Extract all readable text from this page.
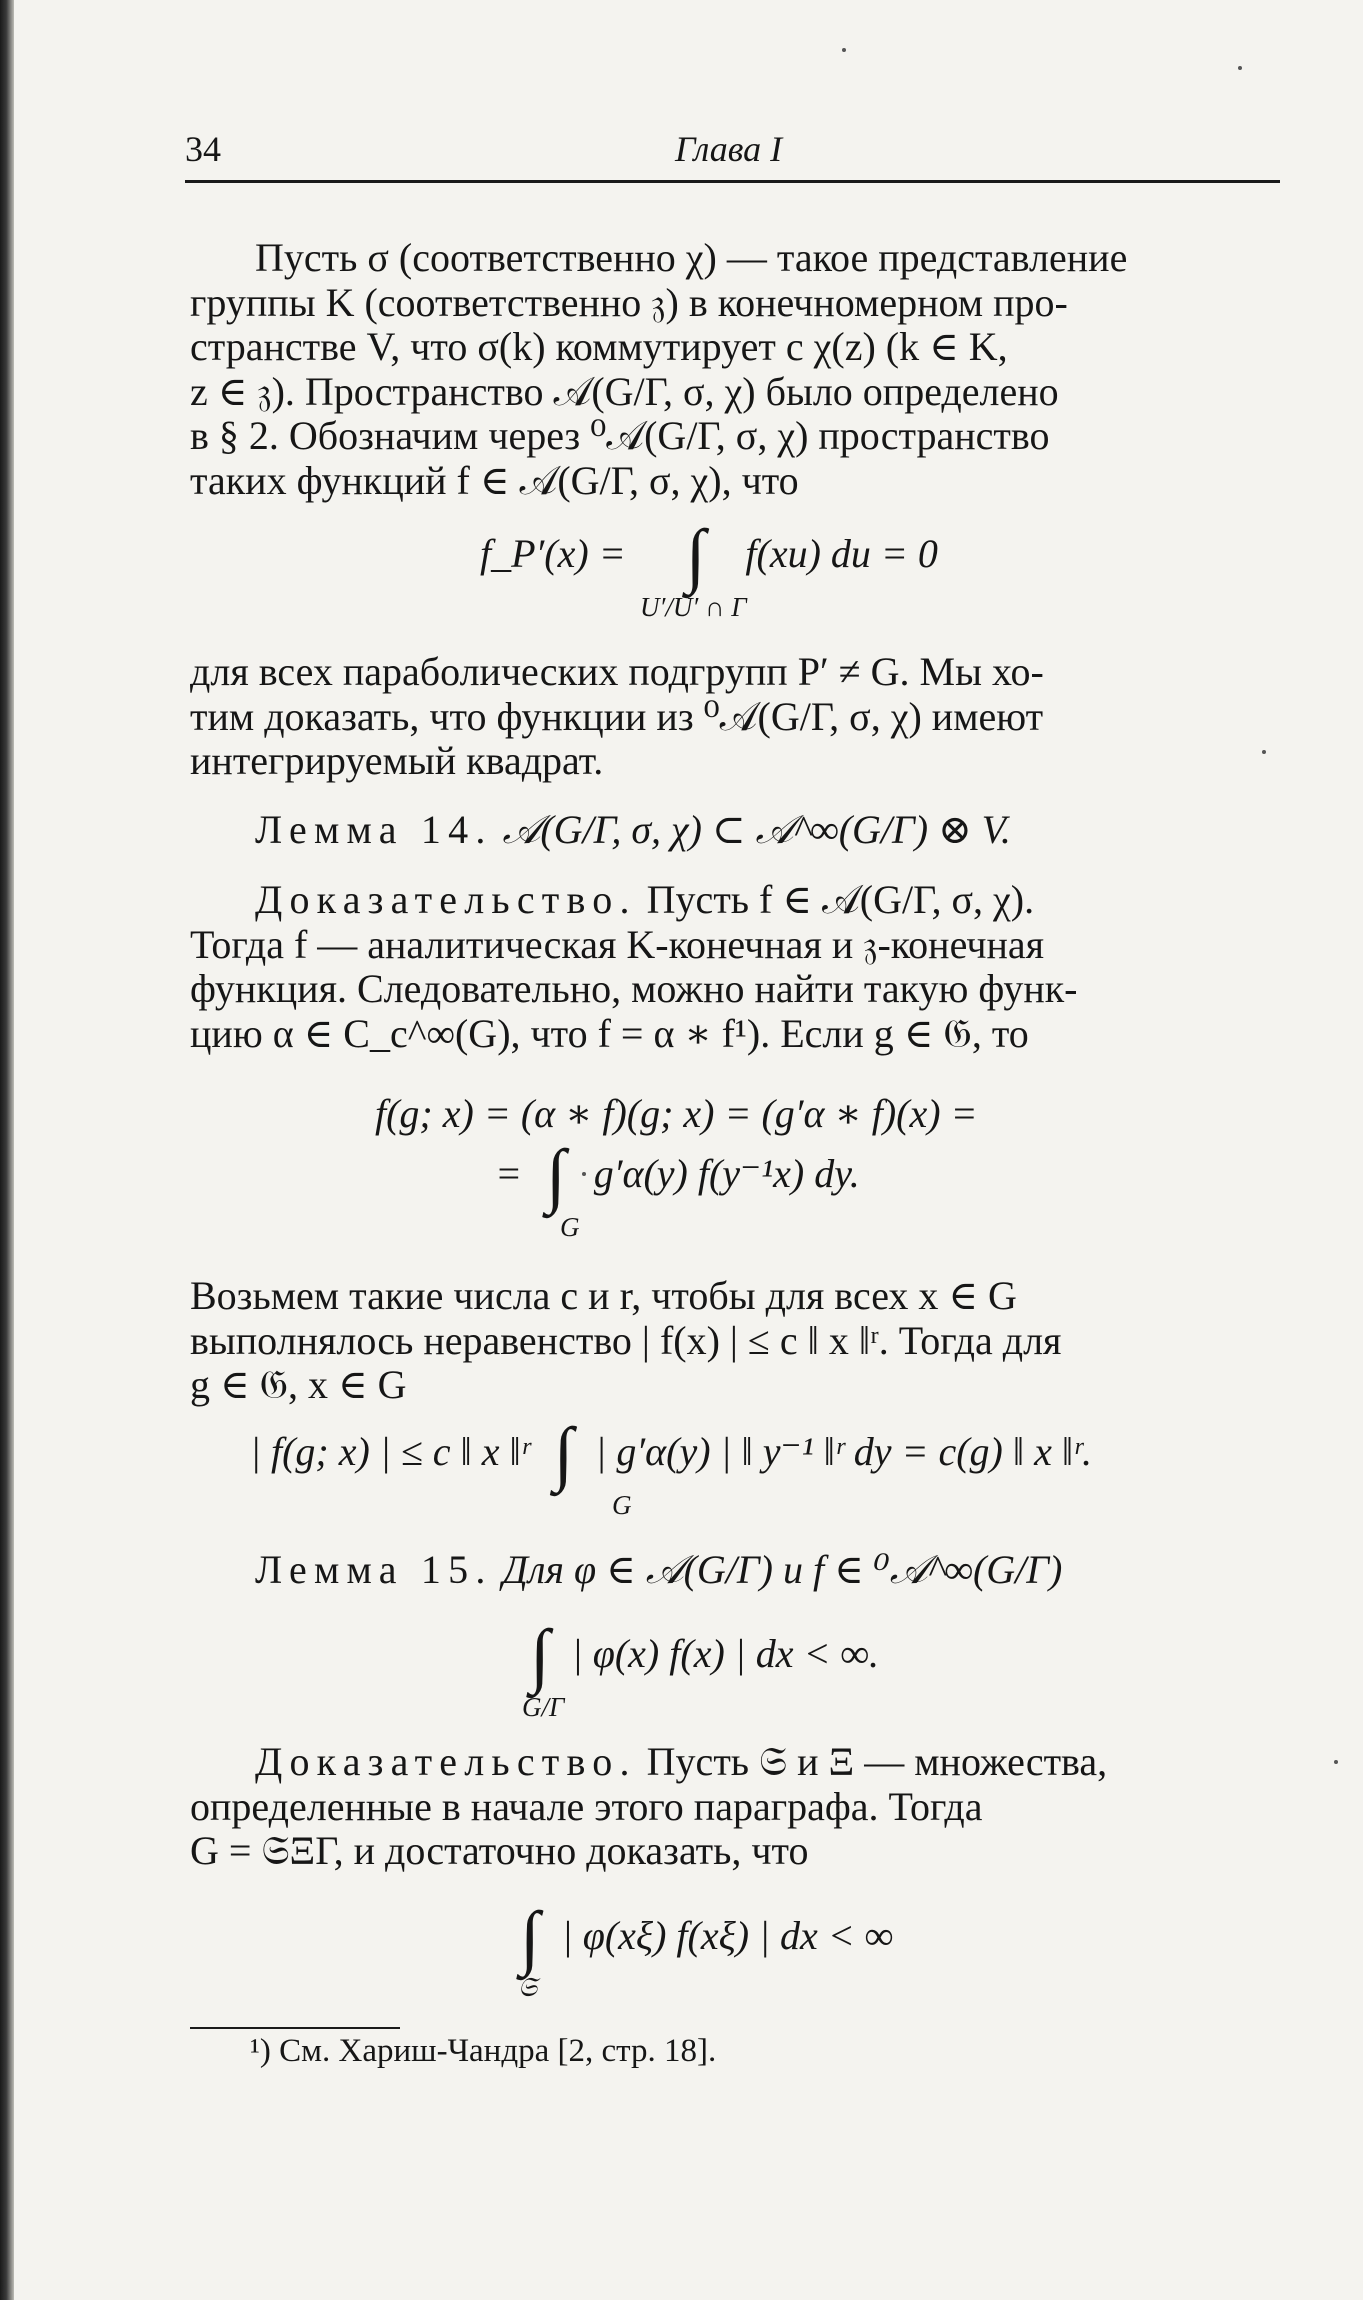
34	Глава I
Пусть σ (соответственно χ) — такое представление
группы K (соответственно 𝔷) в конечномерном про-
странстве V, что σ(k) коммутирует с χ(z) (k ∈ K,
z ∈ 𝔷). Пространство 𝒜(G/Γ, σ, χ) было определено
в § 2. Обозначим через ⁰𝒜(G/Γ, σ, χ) пространство
таких функций f ∈ 𝒜(G/Γ, σ, χ), что
f_P′(x) = ∫ f(xu) du = 0
U′/U′ ∩ Γ
для всех параболических подгрупп P′ ≠ G. Мы хо-
тим доказать, что функции из ⁰𝒜(G/Γ, σ, χ) имеют
интегрируемый квадрат.
Лемма 14. 𝒜(G/Γ, σ, χ) ⊂ 𝒜^∞(G/Γ) ⊗ V.
Доказательство. Пусть f ∈ 𝒜(G/Γ, σ, χ).
Тогда f — аналитическая K-конечная и 𝔷-конечная
функция. Следовательно, можно найти такую функ-
цию α ∈ C_c^∞(G), что f = α ∗ f¹). Если g ∈ 𝔊, то
f(g; x) = (α ∗ f)(g; x) = (g′α ∗ f)(x) =
= ∫ g′α(y) f(y⁻¹x) dy.
G
Возьмем такие числа c и r, чтобы для всех x ∈ G
выполнялось неравенство | f(x) | ≤ c ‖ x ‖ʳ. Тогда для
g ∈ 𝔊, x ∈ G
| f(g; x) | ≤ c ‖ x ‖ʳ ∫ | g′α(y) | ‖ y⁻¹ ‖ʳ dy = c(g) ‖ x ‖ʳ.
G
Лемма 15. Для φ ∈ 𝒜(G/Γ) и f ∈ ⁰𝒜^∞(G/Γ)
∫ | φ(x) f(x) | dx < ∞.
G/Γ
Доказательство. Пусть 𝔖 и Ξ — множества,
определенные в начале этого параграфа. Тогда
G = 𝔖ΞΓ, и достаточно доказать, что
∫ | φ(xξ) f(xξ) | dx < ∞
𝔖
¹) См. Хариш-Чандра [2, стр. 18].
